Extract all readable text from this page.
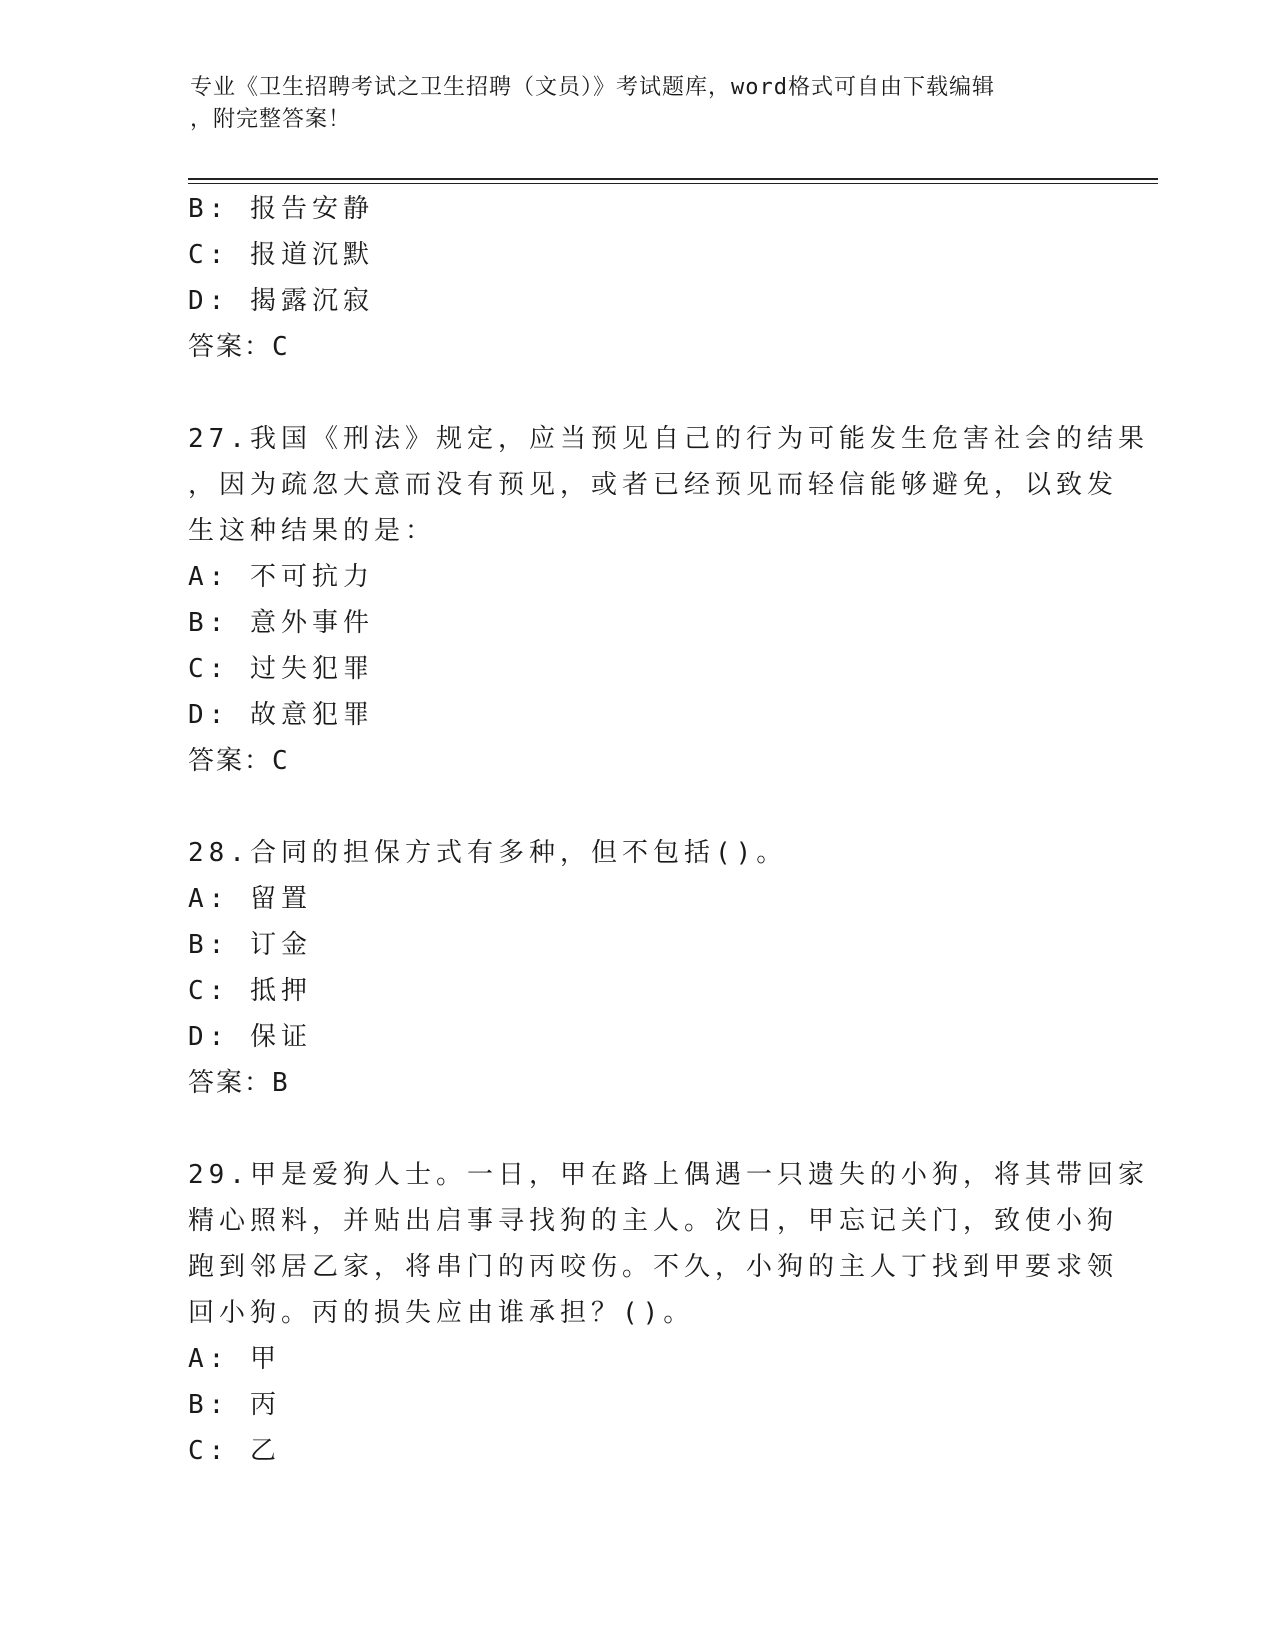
专业《卫生招聘考试之卫生招聘（文员）》考试题库，word格式可自由下载编辑
，附完整答案！
B: 报告安静
C: 报道沉默
D: 揭露沉寂
答案：C
27.我国《刑法》规定，应当预见自己的行为可能发生危害社会的结果
，因为疏忽大意而没有预见，或者已经预见而轻信能够避免，以致发
生这种结果的是：
A: 不可抗力
B: 意外事件
C: 过失犯罪
D: 故意犯罪
答案：C
28.合同的担保方式有多种，但不包括()。
A: 留置
B: 订金
C: 抵押
D: 保证
答案：B
29.甲是爱狗人士。一日，甲在路上偶遇一只遗失的小狗，将其带回家
精心照料，并贴出启事寻找狗的主人。次日，甲忘记关门，致使小狗
跑到邻居乙家，将串门的丙咬伤。不久，小狗的主人丁找到甲要求领
回小狗。丙的损失应由谁承担？()。
A: 甲
B: 丙
C: 乙
